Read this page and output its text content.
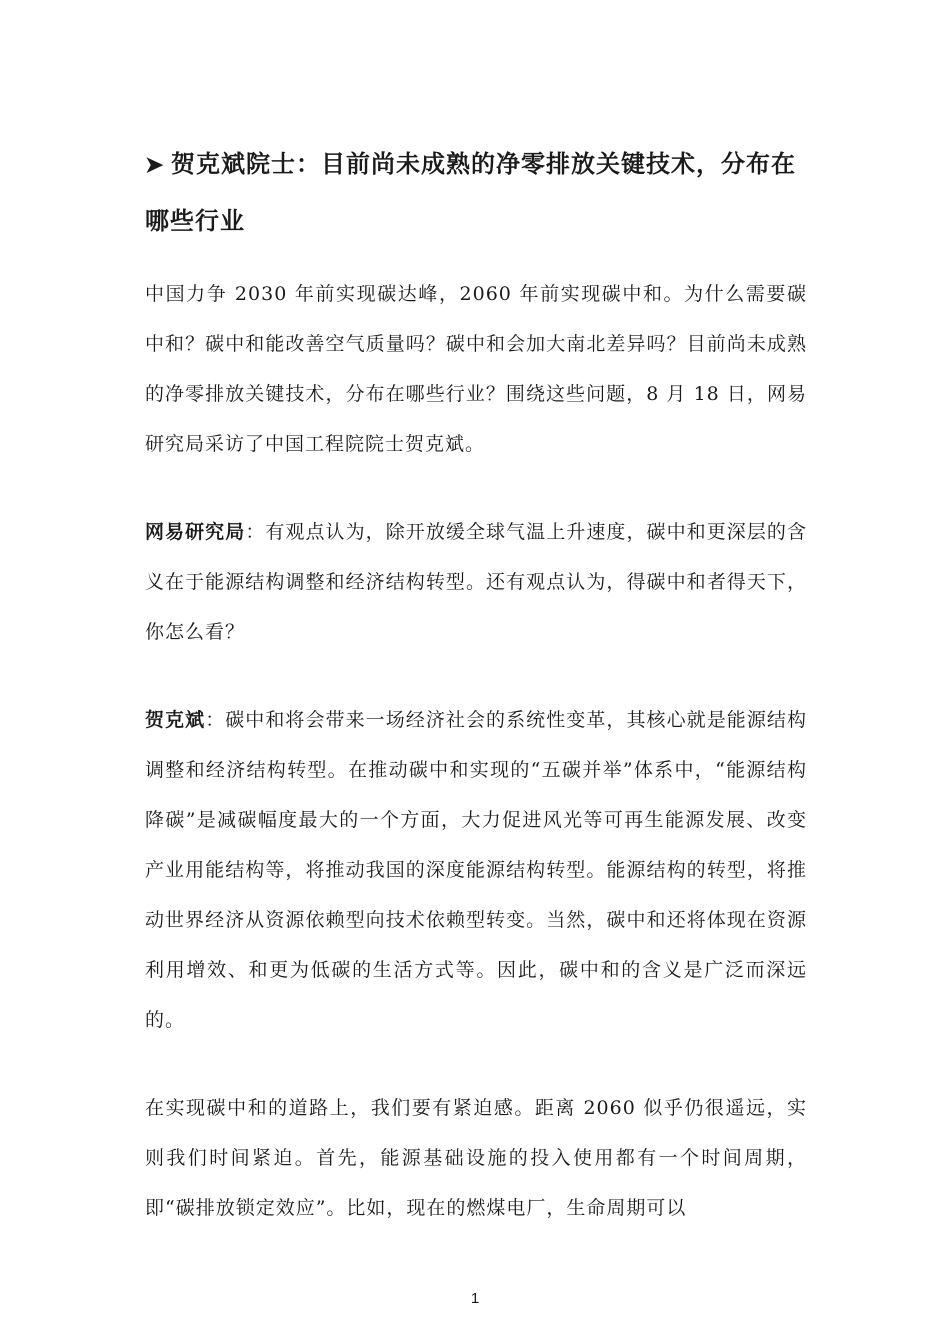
➤ 贺克斌院士：目前尚未成熟的净零排放关键技术，分布在哪些行业

中国力争 2030 年前实现碳达峰，2060 年前实现碳中和。为什么需要碳中和？碳中和能改善空气质量吗？碳中和会加大南北差异吗？目前尚未成熟的净零排放关键技术，分布在哪些行业？围绕这些问题，8 月 18 日，网易研究局采访了中国工程院院士贺克斌。

网易研究局：有观点认为，除开放缓全球气温上升速度，碳中和更深层的含义在于能源结构调整和经济结构转型。还有观点认为，得碳中和者得天下，你怎么看？

贺克斌：碳中和将会带来一场经济社会的系统性变革，其核心就是能源结构调整和经济结构转型。在推动碳中和实现的“五碳并举”体系中，“能源结构降碳”是减碳幅度最大的一个方面，大力促进风光等可再生能源发展、改变产业用能结构等，将推动我国的深度能源结构转型。能源结构的转型，将推动世界经济从资源依赖型向技术依赖型转变。当然，碳中和还将体现在资源利用增效、和更为低碳的生活方式等。因此，碳中和的含义是广泛而深远的。

在实现碳中和的道路上，我们要有紧迫感。距离 2060 似乎仍很遥远，实则我们时间紧迫。首先，能源基础设施的投入使用都有一个时间周期，即“碳排放锁定效应”。比如，现在的燃煤电厂，生命周期可以

1
